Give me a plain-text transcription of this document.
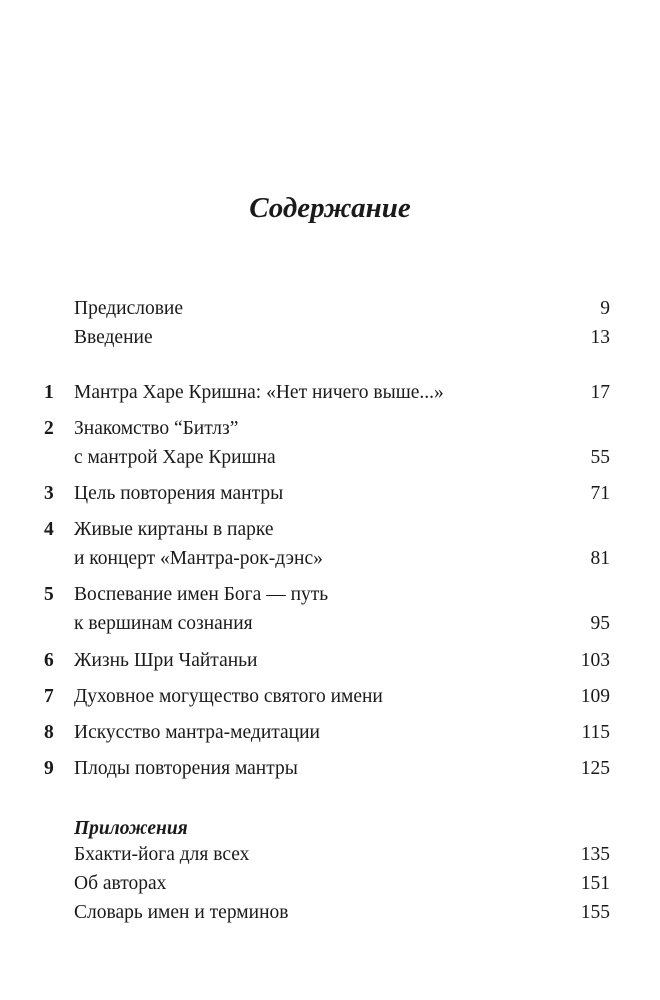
Содержание
Предисловие	9
Введение	13
1	Мантра Харе Кришна: «Нет ничего выше...»	17
2	Знакомство “Битлз”
с мантрой Харе Кришна	55
3	Цель повторения мантры	71
4	Живые киртаны в парке
и концерт «Мантра-рок-дэнс»	81
5	Воспевание имен Бога — путь
к вершинам сознания	95
6	Жизнь Шри Чайтаньи	103
7	Духовное могущество святого имени	109
8	Искусство мантра-медитации	115
9	Плоды повторения мантры	125
Приложения
Бхакти-йога для всех	135
Об авторах	151
Словарь имен и терминов	155
